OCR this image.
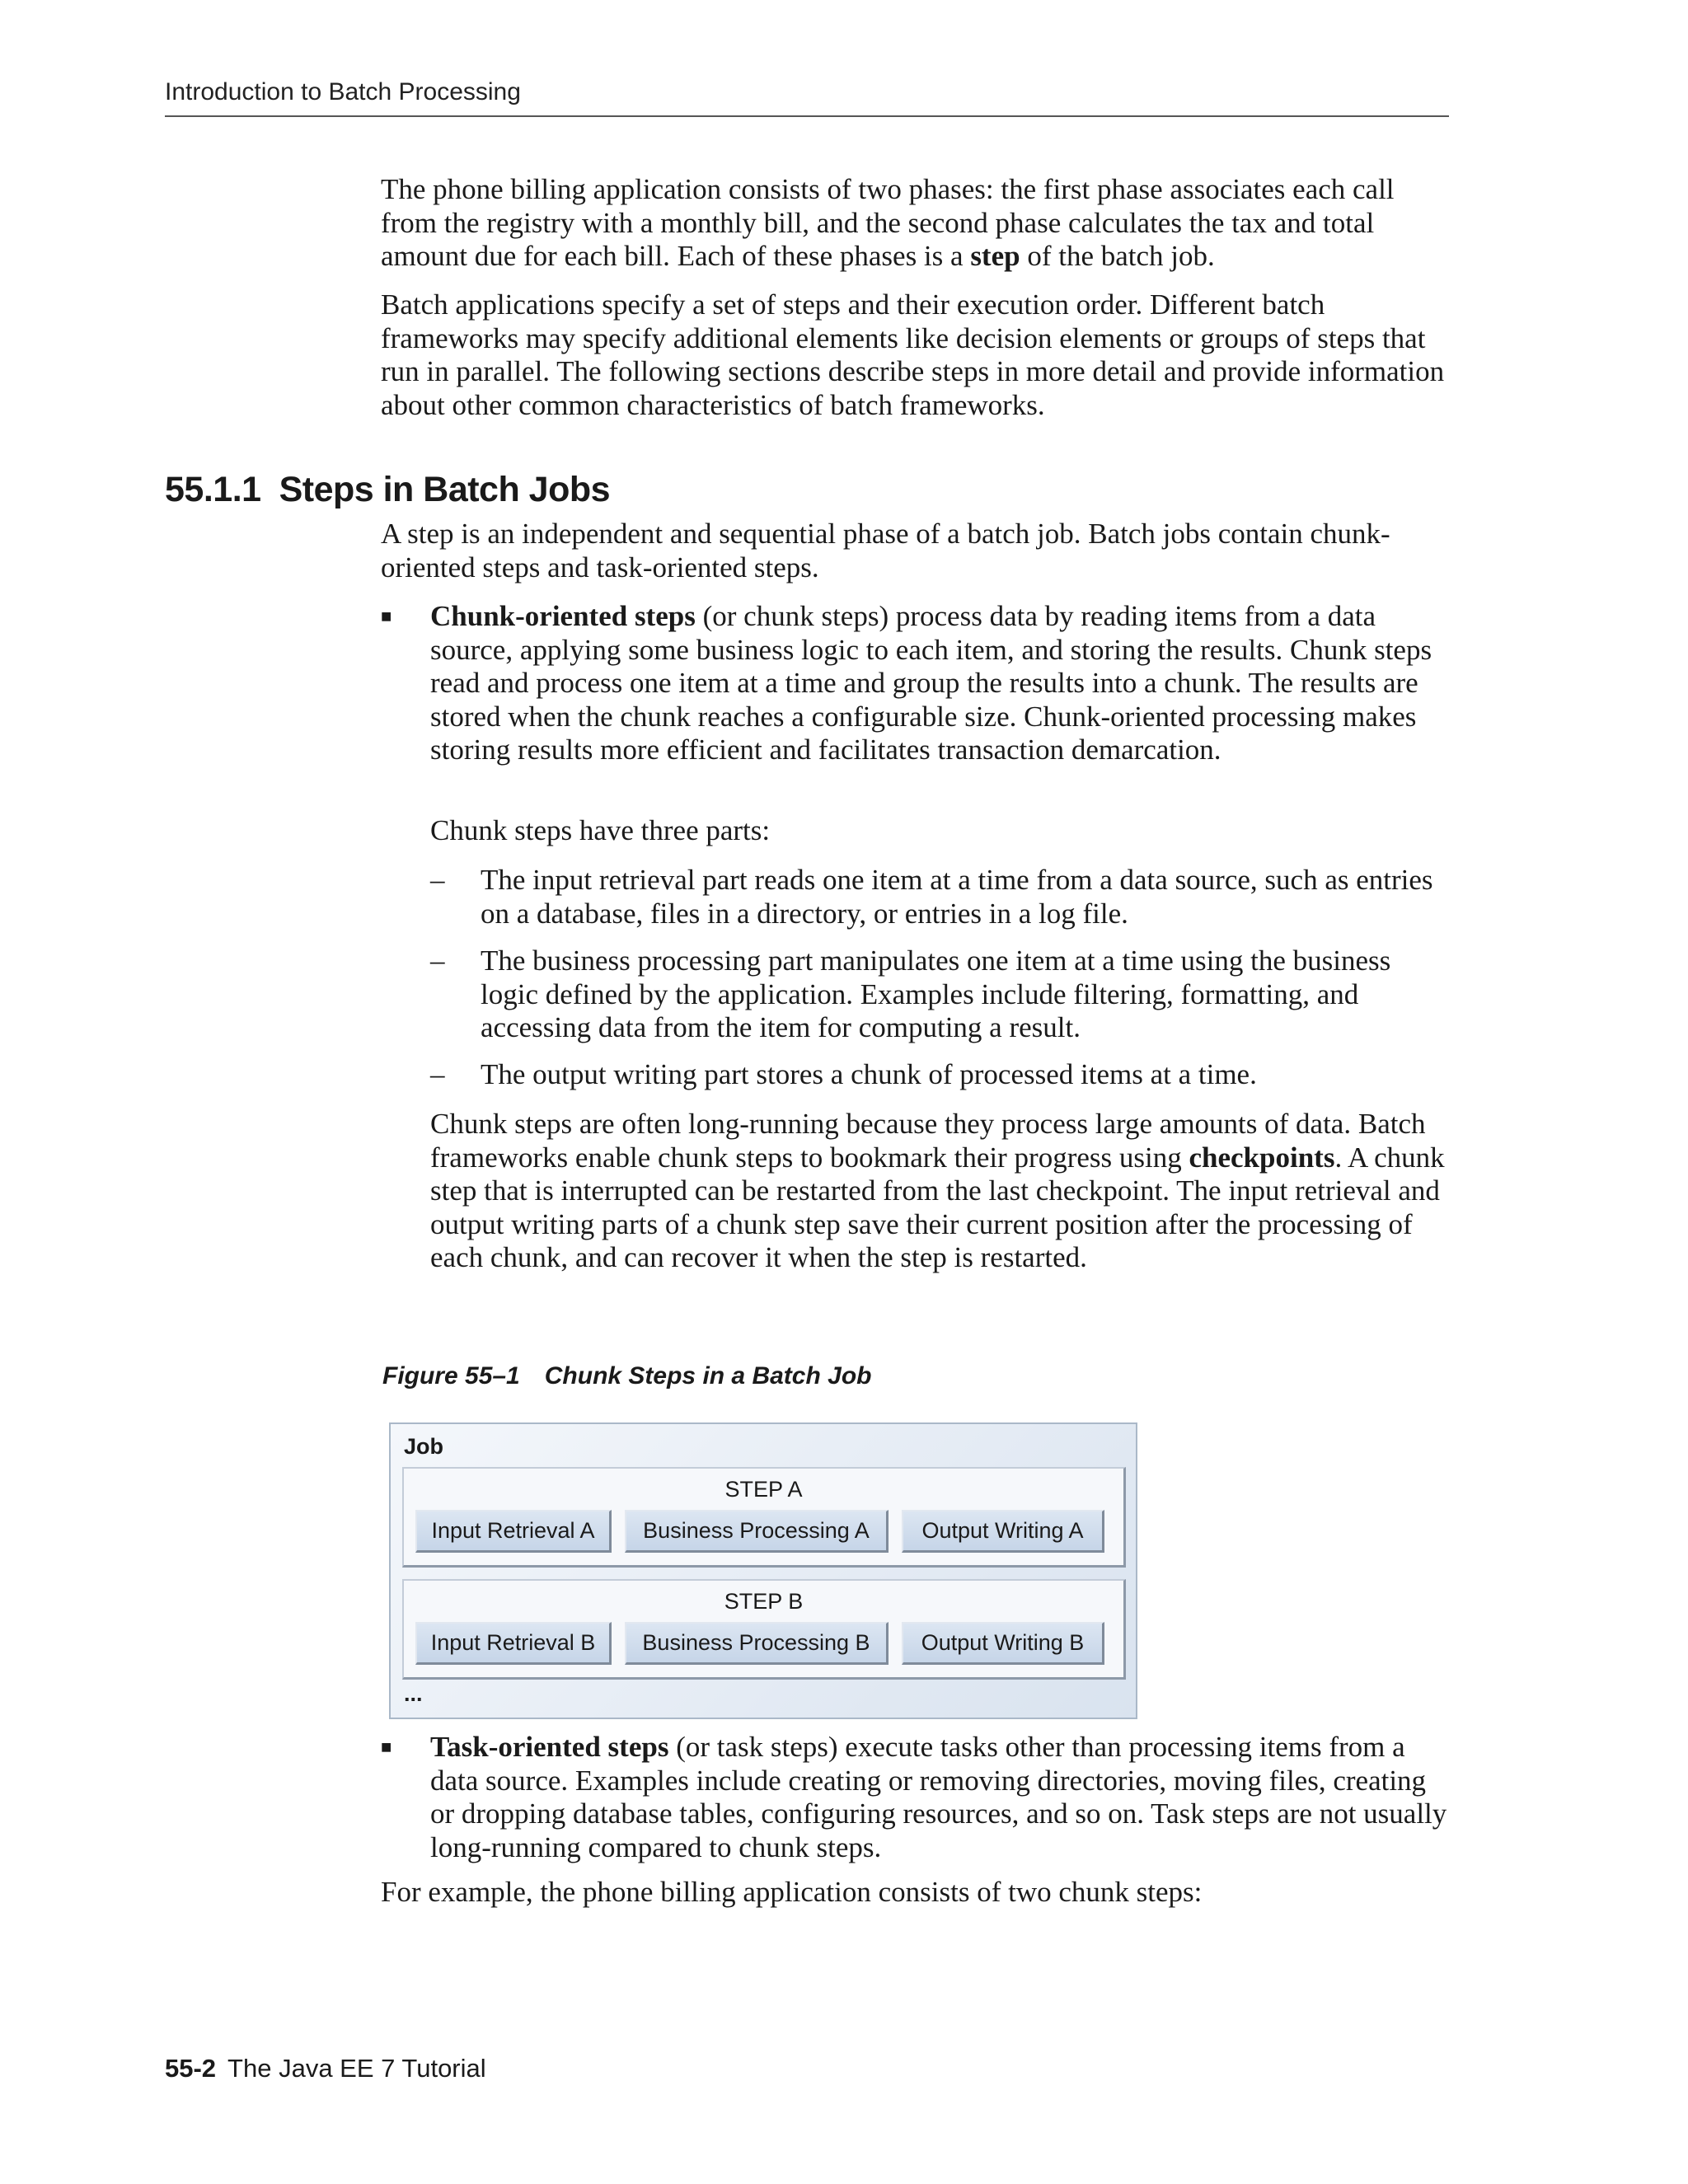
Introduction to Batch Processing

The phone billing application consists of two phases: the first phase associates each call from the registry with a monthly bill, and the second phase calculates the tax and total amount due for each bill. Each of these phases is a step of the batch job.

Batch applications specify a set of steps and their execution order. Different batch frameworks may specify additional elements like decision elements or groups of steps that run in parallel. The following sections describe steps in more detail and provide information about other common characteristics of batch frameworks.

55.1.1 Steps in Batch Jobs

A step is an independent and sequential phase of a batch job. Batch jobs contain chunk-oriented steps and task-oriented steps.

■	Chunk-oriented steps (or chunk steps) process data by reading items from a data source, applying some business logic to each item, and storing the results. Chunk steps read and process one item at a time and group the results into a chunk. The results are stored when the chunk reaches a configurable size. Chunk-oriented processing makes storing results more efficient and facilitates transaction demarcation.

Chunk steps have three parts:

– The input retrieval part reads one item at a time from a data source, such as entries on a database, files in a directory, or entries in a log file.

– The business processing part manipulates one item at a time using the business logic defined by the application. Examples include filtering, formatting, and accessing data from the item for computing a result.

– The output writing part stores a chunk of processed items at a time.

Chunk steps are often long-running because they process large amounts of data. Batch frameworks enable chunk steps to bookmark their progress using checkpoints. A chunk step that is interrupted can be restarted from the last checkpoint. The input retrieval and output writing parts of a chunk step save their current position after the processing of each chunk, and can recover it when the step is restarted.

Figure 55–1 Chunk Steps in a Batch Job

Job
STEP A
Input Retrieval A	Business Processing A	Output Writing A
STEP B
Input Retrieval B	Business Processing B	Output Writing B
...
■	Task-oriented steps (or task steps) execute tasks other than processing items from a data source. Examples include creating or removing directories, moving files, creating or dropping database tables, configuring resources, and so on. Task steps are not usually long-running compared to chunk steps.

For example, the phone billing application consists of two chunk steps:

55-2 The Java EE 7 Tutorial
